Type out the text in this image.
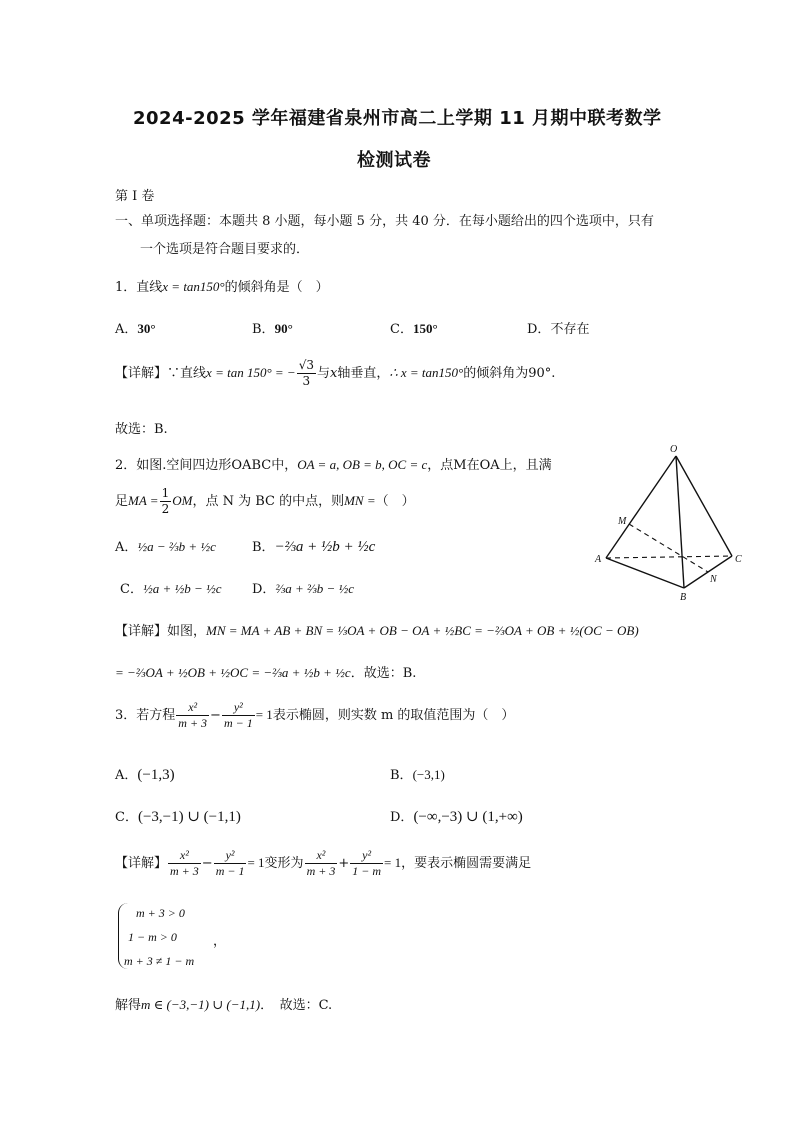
2024-2025 学年福建省泉州市高二上学期 11 月期中联考数学
检测试卷
第 I 卷
一、单项选择题：本题共 8 小题，每小题 5 分，共 40 分．在每小题给出的四个选项中，只有
一个选项是符合题目要求的．
1．直线x = tan150°的倾斜角是（　）
A．30°	B．90°	C．150°	D．不存在
【详解】∵直线x = tan 150° = − $\frac{√3}{3}$ 与x轴垂直，∴ x = tan150°的倾斜角为90°.
故选：B.
2．如图.空间四边形OABC中，OA = a, OB = b, OC = c，点M在OA上，且满
足MA = $\frac{1}{2}$ OM，点 N 为 BC 的中点，则MN =（　）
A．½a − ⅔b + ½c	B．−⅔a + ½b + ½c
C．½a + ½b − ½c D．⅔a + ⅔b − ½c
【详解】如图，MN = MA + AB + BN = ⅓OA + OB − OA + ½BC = −⅔OA + OB + ½(OC − OB)
= −⅔OA + ½OB + ½OC = −⅔a + ½b + ½c．故选：B.
O
M
A
B
C
N
3．若方程 $\frac{\text{x²}}{m + 3} - \frac{\text{y²}}{m - 1} = 1$表示椭圆，则实数 m 的取值范围为（　）
A．(−1,3)	B．(−3,1)
C．(−3,−1) ∪ (−1,1)	D．(−∞,−3) ∪ (1,+∞)
【详解】 $\frac{\text{x²}}{m + 3} - \frac{\text{y²}}{m - 1} = 1$变形为 $\frac{\text{x²}}{m + 3} + \frac{\text{y²}}{1 - m} = 1$，要表示椭圆需要满足
m + 3 > 0
1 − m > 0
m + 3 ≠ 1 − m
，
解得m ∈ (−3,−1) ∪ (−1,1)．　故选：C.
